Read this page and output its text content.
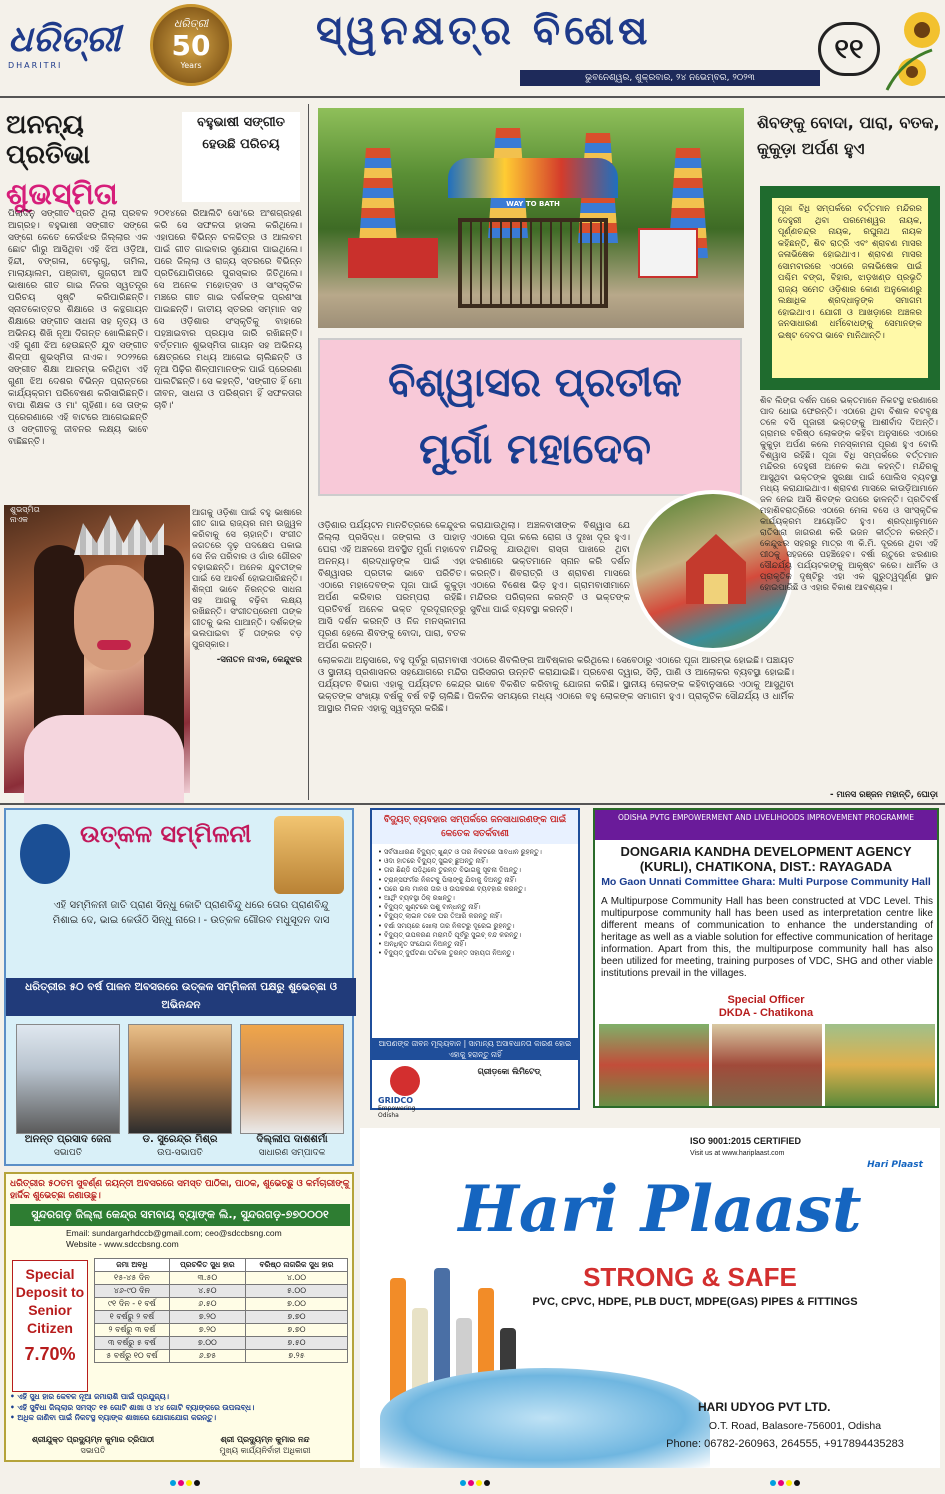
ଧରିତ୍ରୀ
DHARITRI
ଧରିତ୍ରୀ
50
Years
ସ୍ୱନକ୍ଷତ୍ର ବିଶେଷ
ଭୁବନେଶ୍ୱର, ଶୁକ୍ରବାର, ୨୪ ନଭେମ୍ବର, ୨୦୨୩
୧୧
ଅନନ୍ୟ ପ୍ରତିଭା
ଶୁଭସ୍ମିତା
ବହୁଭାଷୀ ସଙ୍ଗୀତ ହେଉଛି ପରିଚୟ
ପିଲାଦିନୁ ସଙ୍ଗୀତ ପ୍ରତି ଥିଲା ପ୍ରବଳ ଆଗ୍ରହ। ବହୁଭାଷୀ ସଙ୍ଗୀତ ସଙ୍ଗେ ସଙ୍ଗେ କେତେ କେଉଁଝର ଜିଲ୍ଲାର ଏକ ଛୋଟ ଗାଁରୁ ଆସିଥିବା ଏହି ଝିଅ ଓଡ଼ିଆ, ହିନ୍ଦୀ, ବଙ୍ଗଳା, ତେଲୁଗୁ, ତାମିଲ, ମାଲାୟାଲମ, ପଞ୍ଜାବୀ, ଗୁଜରାଟୀ ଆଦି ଭାଷାରେ ଗୀତ ଗାଇ ନିଜର ସ୍ୱତନ୍ତ୍ର ପରିଚୟ ସୃଷ୍ଟି କରିପାରିଛନ୍ତି। ସ୍ନାତକୋତ୍ତର ଶିକ୍ଷାରେ ଓ କନ୍ଥଗାୟନ ଶିକ୍ଷାରେ ସଙ୍ଗୀତ ସାଧନା ସହ ନୃତ୍ୟ ଓ ଅଭିନୟ ଶିଖି ନୂଆ ଦିଗନ୍ତ ଖୋଲିଛନ୍ତି। ଏହି ଗୁଣୀ ଝିଅ ହେଉଛନ୍ତି ଯୁବ ସଙ୍ଗୀତ ଶିଳ୍ପୀ ଶୁଭସ୍ମିତା ନାଏକ। ୨୦୨୨ରେ ସଙ୍ଗୀତ ଶିକ୍ଷା ଆରମ୍ଭ କରିଥିବା ଏହି ଗୁଣୀ ଝିଅ ଦେଶର ବିଭିନ୍ନ ପ୍ରାନ୍ତରେ କାର୍ଯ୍ୟକ୍ରମ ପରିବେଷଣ କରିସାରିଛନ୍ତି। ବାପା ଶିକ୍ଷକ ଓ ମା' ଗୃହିଣୀ। ସେ ତାଙ୍କ ପ୍ରେରଣାରେ ଏହି ବାଟରେ ଆଗେଇଛନ୍ତି ଓ ସଙ୍ଗୀତକୁ ଜୀବନର ଲକ୍ଷ୍ୟ ଭାବେ ବାଛିଛନ୍ତି।
୨୦୧୪ରେ ରିଆଲିଟି ସୋ'ରେ ଅଂଶଗ୍ରହଣ କରି ସେ ସଫଳତା ହାସଲ କରିଥିଲେ। ଏହାପରେ ବିଭିନ୍ନ ଚଳଚ୍ଚିତ୍ର ଓ ଆଲବମ ପାଇଁ ଗୀତ ଗାଇବାର ସୁଯୋଗ ପାଇଥିଲେ। ପରେ ଜିଲ୍ଲା ଓ ରାଜ୍ୟ ସ୍ତରରେ ବିଭିନ୍ନ ପ୍ରତିଯୋଗିତାରେ ପୁରସ୍କାର ଜିତିଥିଲେ। ସେ ଅନେକ ମହୋତ୍ସବ ଓ ସାଂସ୍କୃତିକ ମଞ୍ଚରେ ଗୀତ ଗାଇ ଦର୍ଶକଙ୍କ ପ୍ରଶଂସା ପାଇଛନ୍ତି। ଜାତୀୟ ସ୍ତରର ସମ୍ମାନ ସହ ସେ ଓଡ଼ିଶାର ସଂସ୍କୃତିକୁ ବାହାରେ ପହଞ୍ଚାଇବାର ପ୍ରୟାସ ଜାରି ରଖିଛନ୍ତି। ବର୍ତ୍ତମାନ ଶୁଭସ୍ମିତା ଗାୟନ ସହ ଅଭିନୟ କ୍ଷେତ୍ରରେ ମଧ୍ୟ ଆଗେଇ ଚାଲିଛନ୍ତି ଓ ନୂଆ ପିଢ଼ିର ଶିଳ୍ପୀମାନଙ୍କ ପାଇଁ ପ୍ରେରଣା ପାଲଟିଛନ୍ତି। ସେ କହନ୍ତି, 'ସଙ୍ଗୀତ ହିଁ ମୋ ଜୀବନ, ସାଧନା ଓ ପରିଶ୍ରମ ହିଁ ସଫଳତାର ଚାବି।'
ଶୁଭସ୍ମିତା ନାଏକ
ଆଗକୁ ଓଡ଼ିଶା ପାଇଁ ବହୁ ଭାଷାରେ ଗୀତ ଗାଇ ରାଜ୍ୟର ନାମ ଉଜ୍ଜ୍ୱଳ କରିବାକୁ ସେ ଚାହାନ୍ତି। ସଂଗୀତ ଜଗତରେ ଦୃଢ଼ ପଦକ୍ଷେପ ପକାଇ ସେ ନିଜ ପରିବାର ଓ ଗାଁର ଗୌରବ ବଢ଼ାଇଛନ୍ତି। ଅନେକ ଯୁବତୀଙ୍କ ପାଇଁ ସେ ଆଦର୍ଶ ହୋଇପାରିଛନ୍ତି। ଶିଳ୍ପୀ ଭାବେ ନିରନ୍ତର ସାଧନା ସହ ଆଗକୁ ବଢ଼ିବା ଲକ୍ଷ୍ୟ ରଖିଛନ୍ତି। ସଂଗୀତପ୍ରେମୀ ତାଙ୍କ ଗୀତକୁ ଭଲ ପାଆନ୍ତି। ଦର୍ଶକଙ୍କ ଭଲପାଇବା ହିଁ ତାଙ୍କର ବଡ଼ ପୁରସ୍କାର।
-ସନାତନ ନାଏକ, କେନ୍ଦୁଝର
WAY TO BATH
ବିଶ୍ୱାସର ପ୍ରତୀକ
ମୁର୍ଗା ମହାଦେବ
ଓଡ଼ିଶାର ପର୍ଯ୍ୟଟନ ମାନଚିତ୍ରରେ କେନ୍ଦୁଝର ଜିଲ୍ଲା ପ୍ରସିଦ୍ଧ। ଜଙ୍ଗଲ ଓ ପାହାଡ଼ ଘେରା ଏହି ଅଞ୍ଚଳରେ ଅବସ୍ଥିତ ମୁର୍ଗା ମହାଦେବ ଅନନ୍ୟ। ଶ୍ରଦ୍ଧାଳୁଙ୍କ ପାଇଁ ଏହା ବିଶ୍ୱାସର ପ୍ରତୀକ ଭାବେ ପରିଚିତ। ଏଠାରେ ମହାଦେବଙ୍କ ପୂଜା ପାଇଁ କୁକୁଡ଼ା ଅର୍ପଣ କରିବାର ପରମ୍ପରା ରହିଛି। ପ୍ରତିବର୍ଷ ଅନେକ ଭକ୍ତ ଦୂରଦୂରାନ୍ତରୁ ଆସି ଦର୍ଶନ କରନ୍ତି ଓ ନିଜ ମନସ୍କାମନା ପୂରଣ ହେଲେ ଶିବଙ୍କୁ ବୋଦା, ପାରା, ବତକ ଅର୍ପଣ କରନ୍ତି।
କରାଯାଉଥିଲା। ଅଞ୍ଚଳବାସୀଙ୍କ ବିଶ୍ୱାସ ଯେ ଏଠାରେ ପୂଜା କଲେ ରୋଗ ଓ ଦୁଃଖ ଦୂର ହୁଏ। ମନ୍ଦିରକୁ ଯାଉଥିବା ରାସ୍ତା ପାଖରେ ଥିବା ଝରଣାରେ ଭକ୍ତମାନେ ସ୍ନାନ କରି ଦର୍ଶନ କରନ୍ତି। ଶିବରାତ୍ରି ଓ ଶ୍ରାବଣ ମାସରେ ଏଠାରେ ବିଶେଷ ଭିଡ଼ ହୁଏ। ଗ୍ରାମବାସୀମାନେ ମନ୍ଦିରର ପରିଚାଳନା କରନ୍ତି ଓ ଭକ୍ତଙ୍କ ସୁବିଧା ପାଇଁ ବ୍ୟବସ୍ଥା କରନ୍ତି।
ଲୋକକଥା ଅନୁସାରେ, ବହୁ ପୂର୍ବରୁ ଗ୍ରାମବାସୀ ଏଠାରେ ଶିବଲିଙ୍ଗ ଆବିଷ୍କାର କରିଥିଲେ। ସେବେଠାରୁ ଏଠାରେ ପୂଜା ଆରମ୍ଭ ହୋଇଛି। ପଞ୍ଚାୟତ ଓ ସ୍ଥାନୀୟ ପ୍ରଶାସନର ସହଯୋଗରେ ମନ୍ଦିର ପରିସରର ଉନ୍ନତି କରାଯାଇଛି। ପ୍ରବେଶ ଦ୍ୱାର, ସିଡ଼ି, ପାଣି ଓ ଆଲୋକର ବ୍ୟବସ୍ଥା ହୋଇଛି। ପର୍ଯ୍ୟଟନ ବିଭାଗ ଏହାକୁ ପର୍ଯ୍ୟଟନ କେନ୍ଦ୍ର ଭାବେ ବିକଶିତ କରିବାକୁ ଯୋଜନା କରିଛି। ସ୍ଥାନୀୟ ଲୋକଙ୍କ କହିବାନୁସାରେ ଏଠାକୁ ଆସୁଥିବା ଭକ୍ତଙ୍କ ସଂଖ୍ୟା ବର୍ଷକୁ ବର୍ଷ ବଢ଼ି ଚାଲିଛି। ପିକନିକ ସମୟରେ ମଧ୍ୟ ଏଠାରେ ବହୁ ଲୋକଙ୍କ ସମାଗମ ହୁଏ। ପ୍ରାକୃତିକ ସୌନ୍ଦର୍ଯ୍ୟ ଓ ଧାର୍ମିକ ଆସ୍ଥାର ମିଳନ ଏହାକୁ ସ୍ୱତନ୍ତ୍ର କରିଛି।
ଶିବଙ୍କୁ ବୋଦା, ପାରା, ବତକ, କୁକୁଡ଼ା ଅର୍ପଣ ହୁଏ
ପୂଜା ବିଧି ସମ୍ପର୍କରେ ବର୍ତ୍ତମାନ ମନ୍ଦିରର ଦେହୁରୀ ଥିବା ପରମେଶ୍ୱର ନାୟକ, ପୂର୍ଣ୍ଣଚନ୍ଦ୍ର ନାୟକ, ରଘୁନାଥ ନାୟକ କହିଛନ୍ତି, ଶିବ ରାତ୍ରି ଏବଂ ଶ୍ରାବଣ ମାସର ଜଳାଭିଷେକ ହୋଇଥାଏ। ଶ୍ରାବଣ ମାସର ସୋମବାରରେ ଏଠାରେ ଜଳାଭିଷେକ ପାଇଁ ପଶ୍ଚିମ ବଙ୍ଗ, ବିହାର, ଝାଡ଼ଖଣ୍ଡ ପ୍ରଭୃତି ରାଜ୍ୟ ସମେତ ଓଡ଼ିଶାର କୋଣ ଅନୁକୋଣରୁ ଲକ୍ଷାଧିକ ଶ୍ରଦ୍ଧାଳୁଙ୍କ ସମାଗମ ହୋଇଥାଏ। ଯୋଗୀ ଓ ଆଖଡ଼ାରେ ଅଞ୍ଚଳର ଜନସାଧାରଣ ଧର୍ମବୋଧଙ୍କୁ ସେମାନଙ୍କ ଇଷ୍ଟ ଦେବତା ଭାବେ ମାନିଥାନ୍ତି।
ଶିବ ଲିଙ୍ଗ ଦର୍ଶନ ପରେ ଭକ୍ତମାନେ ନିକଟସ୍ଥ ଝରଣାରେ ପାଦ ଧୋଇ ଫେରନ୍ତି। ଏଠାରେ ଥିବା ବିଶାଳ ବଟବୃକ୍ଷ ତଳେ ବସି ପୂଜାରୀ ଭକ୍ତଙ୍କୁ ଆଶୀର୍ବାଦ ଦିଅନ୍ତି। ଗ୍ରାମର ବରିଷ୍ଠ ଲୋକଙ୍କ କହିବା ଅନୁସାରେ ଏଠାରେ କୁକୁଡ଼ା ଅର୍ପଣ କଲେ ମନସ୍କାମନା ପୂରଣ ହୁଏ ବୋଲି ବିଶ୍ୱାସ ରହିଛି। ପୂଜା ବିଧି ସମ୍ପର୍କରେ ବର୍ତ୍ତମାନ ମନ୍ଦିରର ଦେହୁରୀ ଅନେକ କଥା କହନ୍ତି। ମନ୍ଦିରକୁ ଆସୁଥିବା ଭକ୍ତଙ୍କ ସୁରକ୍ଷା ପାଇଁ ପୋଲିସ ବ୍ୟବସ୍ଥା ମଧ୍ୟ କରାଯାଇଥାଏ। ଶ୍ରାବଣ ମାସରେ କାଉଡ଼ିଆମାନେ ଜଳ ନେଇ ଆସି ଶିବଙ୍କ ଉପରେ ଢାଳନ୍ତି। ପ୍ରତିବର୍ଷ ମହାଶିବରାତ୍ରିରେ ଏଠାରେ ମେଳା ବସେ ଓ ସାଂସ୍କୃତିକ କାର୍ଯ୍ୟକ୍ରମ ଆୟୋଜିତ ହୁଏ। ଶ୍ରଦ୍ଧାଳୁମାନେ ରାତିସାରା ଜାଗରଣ କରି ଭଜନ କୀର୍ତ୍ତନ କରନ୍ତି। କେନ୍ଦୁଝର ସହରରୁ ମାତ୍ର ୩ କି.ମି. ଦୂରରେ ଥିବା ଏହି ପୀଠକୁ ସହଜରେ ପହଞ୍ଚିହେବ। ବର୍ଷା ଋତୁରେ ଝରଣାର ସୌନ୍ଦର୍ଯ୍ୟ ପର୍ଯ୍ୟଟକଙ୍କୁ ଆକୃଷ୍ଟ କରେ। ଧାର୍ମିକ ଓ ପ୍ରାକୃତିକ ଦୃଷ୍ଟିରୁ ଏହା ଏକ ଗୁରୁତ୍ୱପୂର୍ଣ୍ଣ ସ୍ଥାନ ହୋଇପାରିଛି ଓ ଏହାର ବିକାଶ ଆବଶ୍ୟକ।
- ମାନସ ରଞ୍ଜନ ମହାନ୍ତି, ଘୋଡ଼ା
ଉତ୍କଳ ସମ୍ମିଳନୀ
ଏହି ସମ୍ମିଳନୀ ଜାତି ପ୍ରାଣ ସିନ୍ଧୁ କୋଟି ପ୍ରାଣବିନ୍ଦୁ ଧରେ ତୋର ପ୍ରାଣବିନ୍ଦୁ ମିଶାଇ ଦେ, ଭାଇ କେଉଁଠି ସିନ୍ଧୁ ନାରେ। - ଉତ୍କଳ ଗୌରବ ମଧୁସୂଦନ ଦାସ
ଧରିତ୍ରୀର ୫୦ ବର୍ଷ ପାଳନ ଅବସରରେ ଉତ୍କଳ ସମ୍ମିଳନୀ ପକ୍ଷରୁ ଶୁଭେଚ୍ଛା ଓ ଅଭିନନ୍ଦନ
ଅନନ୍ତ ପ୍ରସାଦ ଜେନା	ଡ. ସୁରେନ୍ଦ୍ର ମିଶ୍ର	ଦିଲ୍ଲୀପ ଦାଶଶର୍ମା
ସଭାପତି	ଉପ-ସଭାପତି	ସାଧାରଣ ସମ୍ପାଦକ
ବିଦ୍ୟୁତ୍ ବ୍ୟବହାର ସମ୍ପର୍କରେ ଜନସାଧାରଣଙ୍କ ପାଇଁ କେତେକ ସତର୍କବାଣୀ
• ସର୍ବସାଧାରଣ ବିଦ୍ୟୁତ୍ ଖୁଣ୍ଟ ଓ ତାର ନିକଟରେ ସାବଧାନ ରୁହନ୍ତୁ।
• ଓଦା ହାତରେ ବିଦ୍ୟୁତ୍ ସୁଇଚ୍ ଛୁଅନ୍ତୁ ନାହିଁ।
• ତାର ଛିଣ୍ଡି ପଡ଼ିଥିଲେ ତୁରନ୍ତ ବିଭାଗକୁ ସୂଚନା ଦିଅନ୍ତୁ।
• ଟ୍ରାନ୍ସଫର୍ମର ନିକଟକୁ ପିଲାଙ୍କୁ ଯିବାକୁ ଦିଅନ୍ତୁ ନାହିଁ।
• ଘରେ ଭଲ ମାନର ତାର ଓ ଉପକରଣ ବ୍ୟବହାର କରନ୍ତୁ।
• ଆର୍ଥିଂ ବ୍ୟବସ୍ଥା ଠିକ୍ ରଖନ୍ତୁ।
• ବିଦ୍ୟୁତ୍ ଖୁଣ୍ଟରେ ପଶୁ ବାନ୍ଧନ୍ତୁ ନାହିଁ।
• ବିଦ୍ୟୁତ୍ ଲାଇନ ତଳେ ଘର ତିଆରି କରନ୍ତୁ ନାହିଁ।
• ବର୍ଷା ସମୟରେ ଖୋଲା ତାର ନିକଟରୁ ଦୂରେଇ ରୁହନ୍ତୁ।
• ବିଦ୍ୟୁତ୍ ଉପକରଣ ମରାମତି ପୂର୍ବରୁ ସୁଇଚ୍ ବନ୍ଦ କରନ୍ତୁ।
• ଅନଧିକୃତ ସଂଯୋଗ ନିଅନ୍ତୁ ନାହିଁ।
• ବିଦ୍ୟୁତ୍ ଦୁର୍ଘଟଣା ଘଟିଲେ ତୁରନ୍ତ ସହାୟତା ନିଅନ୍ତୁ।
ଆପଣଙ୍କ ଜୀବନ ମୂଲ୍ୟବାନ | ସାମାନ୍ୟ ଅସାବଧାନତା କାରଣ ହୋଇ ଏହାକୁ ହରାନ୍ତୁ ନାହିଁ
GRIDCO
Empowering Odisha
ଗ୍ରୀଡ଼କୋ ଲିମିଟେଡ୍
ODISHA PVTG EMPOWERMENT AND LIVELIHOODS IMPROVEMENT PROGRAMME
DONGARIA KANDHA DEVELOPMENT AGENCY (KURLI), CHATIKONA, DIST.: RAYAGADA
Mo Gaon Unnati Committee Ghara: Multi Purpose Community Hall
A Multipurpose Community Hall has been constructed at VDC Level. This multipurpose community hall has been used as interpretation centre like different means of communication to enhance the understanding of heritage as well as a viable solution for effective communication of heritage information. Apart from this, the multipurpose community hall has also been utilized for meeting, training purposes of VDC, SHG and other viable institutions prevail in the villages.
Special Officer
DKDA - Chatikona
ଧରିତ୍ରୀର ୫୦ତମ ସୁବର୍ଣ୍ଣ ଜୟନ୍ତୀ ଅବସରରେ ସମସ୍ତ ପାଠିକା, ପାଠକ, ଶୁଭେଚ୍ଛୁ ଓ କର୍ମଚାରୀଙ୍କୁ ହାର୍ଦ୍ଦିକ ଶୁଭେଚ୍ଛା ଜଣାଉଛୁ।
ସୁନ୍ଦରଗଡ଼ ଜିଲ୍ଲା କେନ୍ଦ୍ର ସମବାୟ ବ୍ୟାଙ୍କ ଲି., ସୁନ୍ଦରଗଡ଼-୭୭୦୦୦୧
Email: sundargarhdccb@gmail.com; ceo@sdccbsng.com
Website - www.sdccbsng.com
Special Deposit to Senior Citizen
7.70%
ଜମା ଅବଧି	ପ୍ରଚଳିତ ସୁଧ ହାର	ବରିଷ୍ଠ ନାଗରିକ ସୁଧ ହାର
୧୫-୪୫ ଦିନ	୩.୫୦	୪.୦୦
୪୬-୯୦ ଦିନ	୪.୫୦	୫.୦୦
୯୧ ଦିନ - ୧ ବର୍ଷ	୬.୫୦	୭.୦୦
୧ ବର୍ଷରୁ ୨ ବର୍ଷ	୭.୨୦	୭.୭୦
୨ ବର୍ଷରୁ ୩ ବର୍ଷ	୭.୨୦	୭.୭୦
୩ ବର୍ଷରୁ ୫ ବର୍ଷ	୭.୦୦	୭.୫୦
୫ ବର୍ଷରୁ ୧୦ ବର୍ଷ	୬.୭୫	୭.୨୫
• ଏହି ସୁଧ ହାର କେବଳ ନୂଆ ଜମାରାଶି ପାଇଁ ପ୍ରଯୁଜ୍ୟ।
• ଏହି ସୁବିଧା ଜିଲ୍ଲାର ସମସ୍ତ ୧୫ ଗୋଟି ଶାଖା ଓ ୪୪ ଗୋଟି ବ୍ୟାଙ୍କରେ ଉପଲବ୍ଧ।
• ଅଧିକ ଜାଣିବା ପାଇଁ ନିକଟସ୍ଥ ବ୍ୟାଙ୍କ ଶାଖାରେ ଯୋଗାଯୋଗ କରନ୍ତୁ।
ଶ୍ରୀଯୁକ୍ତ ପ୍ରଦ୍ୟୁମ୍ନ କୁମାର ତ୍ରିପାଠୀ
ସଭାପତି
ଶ୍ରୀ ପ୍ରଦ୍ୟୁମ୍ନ କୁମାର ନନ୍ଦ
ମୁଖ୍ୟ କାର୍ଯ୍ୟନିର୍ବାହୀ ଅଧିକାରୀ
ISO 9001:2015 CERTIFIED
Visit us at www.hariplaast.com
Hari Plaast
Hari Plaast
STRONG & SAFE
PVC, CPVC, HDPE, PLB DUCT, MDPE(GAS) PIPES & FITTINGS
HARI UDYOG PVT LTD.
O.T. Road, Balasore-756001, Odisha
Phone: 06782-260963, 264555, +917894435283
